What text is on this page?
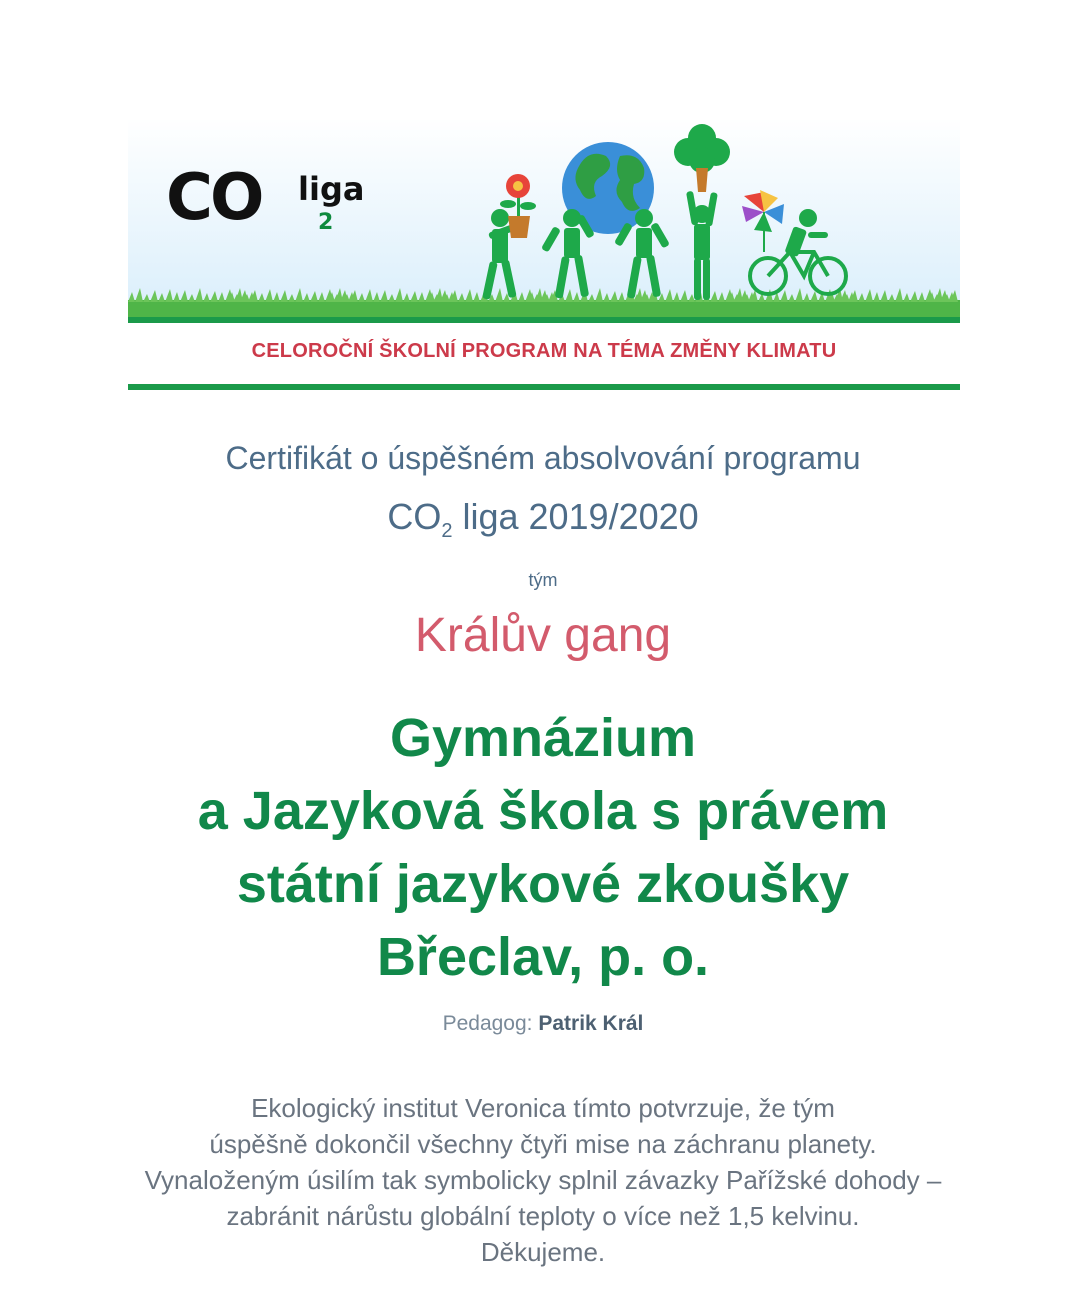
CO liga
2
CELOROČNÍ ŠKOLNÍ PROGRAM NA TÉMA ZMĚNY KLIMATU
Certifikát o úspěšném absolvování programu
$CO_2$ liga 2019/2020
tým
Králův gang
Gymnázium
a Jazyková škola s právem
státní jazykové zkoušky
Břeclav, p. o.
Pedagog: Patrik Král
Ekologický institut Veronica tímto potvrzuje, že tým
úspěšně dokončil všechny čtyři mise na záchranu planety.
Vynaloženým úsilím tak symbolicky splnil závazky Pařížské dohody –
zabránit nárůstu globální teploty o více než 1,5 kelvinu.
Děkujeme.
